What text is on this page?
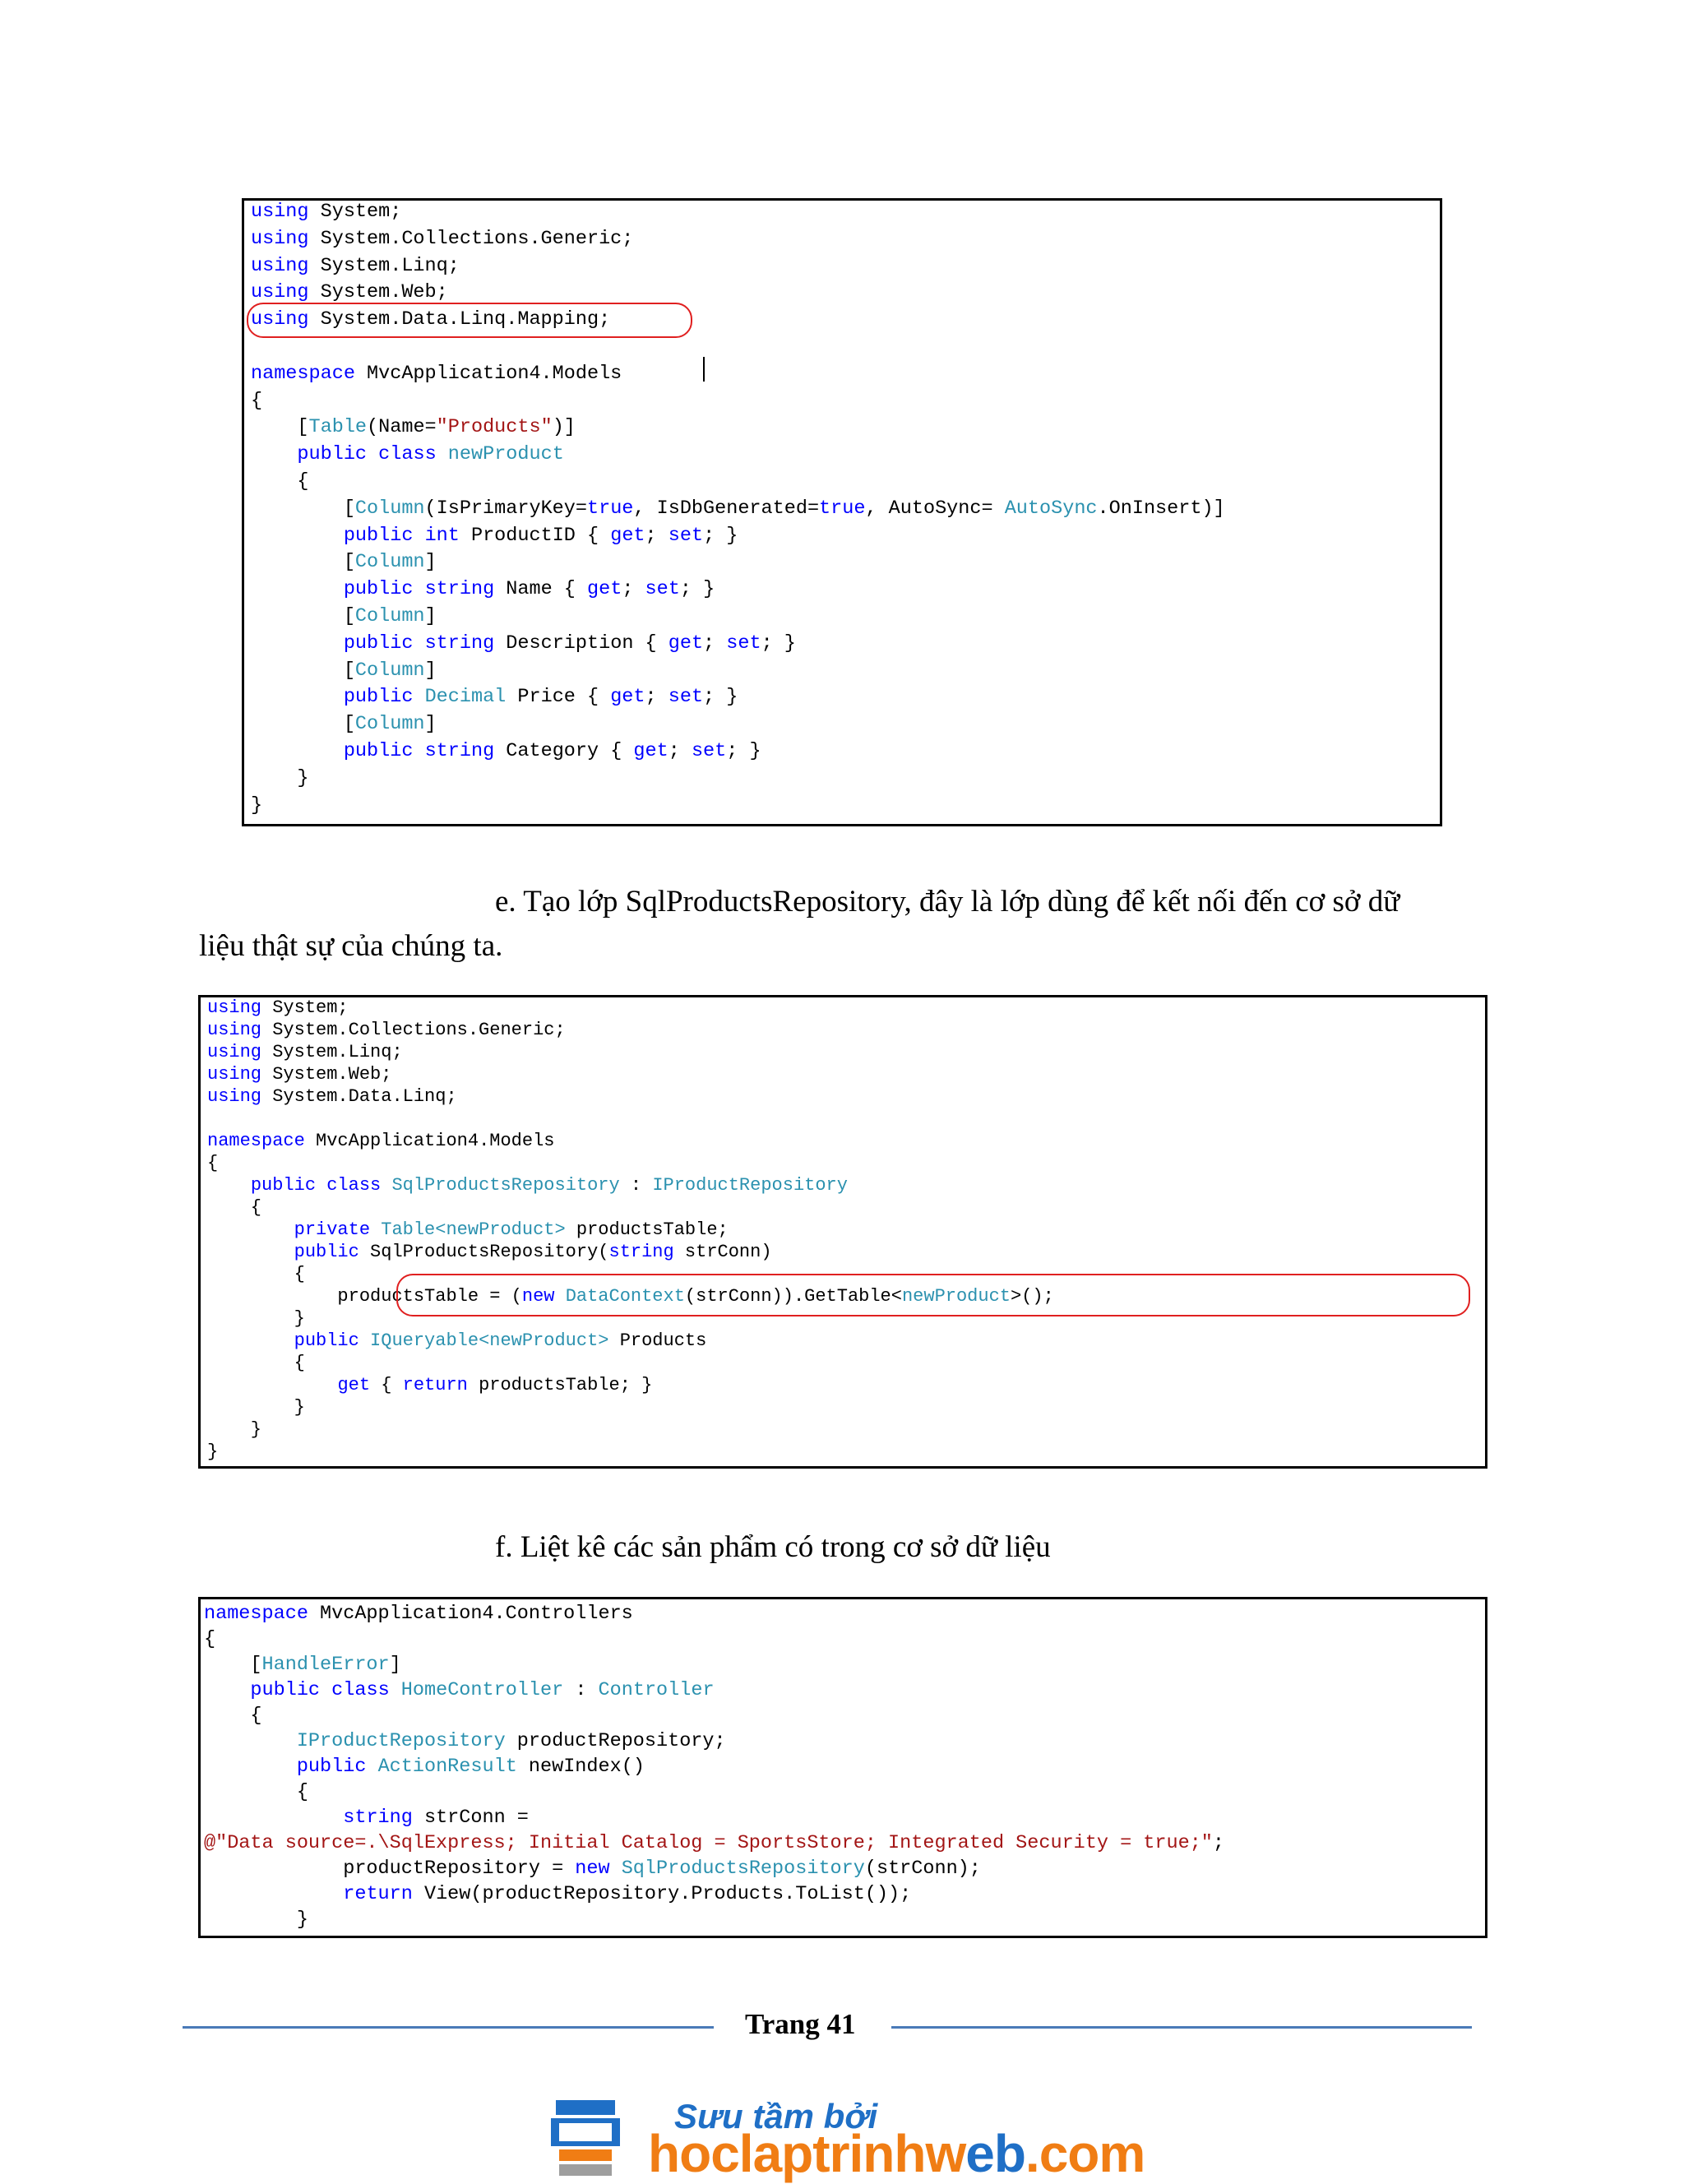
using System;
using System.Collections.Generic;
using System.Linq;
using System.Web;
using System.Data.Linq.Mapping;
namespace MvcApplication4.Models
{
[Table(Name="Products")]
public class newProduct
{
[Column(IsPrimaryKey=true, IsDbGenerated=true, AutoSync= AutoSync.OnInsert)]
public int ProductID { get; set; }
[Column]
public string Name { get; set; }
[Column]
public string Description { get; set; }
[Column]
public Decimal Price { get; set; }
[Column]
public string Category { get; set; }
}
}
e. Tạo lớp SqlProductsRepository, đây là lớp dùng để kết nối đến cơ sở dữ
liệu thật sự của chúng ta.
using System;
using System.Collections.Generic;
using System.Linq;
using System.Web;
using System.Data.Linq;
namespace MvcApplication4.Models
{
public class SqlProductsRepository : IProductRepository
{
private Table<newProduct> productsTable;
public SqlProductsRepository(string strConn)
{
productsTable = (new DataContext(strConn)).GetTable<newProduct>();
}
public IQueryable<newProduct> Products
{
get { return productsTable; }
}
}
}
f. Liệt kê các sản phẩm có trong cơ sở dữ liệu
namespace MvcApplication4.Controllers
{
[HandleError]
public class HomeController : Controller
{
IProductRepository productRepository;
public ActionResult newIndex()
{
string strConn =
@"Data source=.\SqlExpress; Initial Catalog = SportsStore; Integrated Security = true;";
productRepository = new SqlProductsRepository(strConn);
return View(productRepository.Products.ToList());
}
Trang 41
Sưu tầm bởi
hoclaptrinhweb.com
